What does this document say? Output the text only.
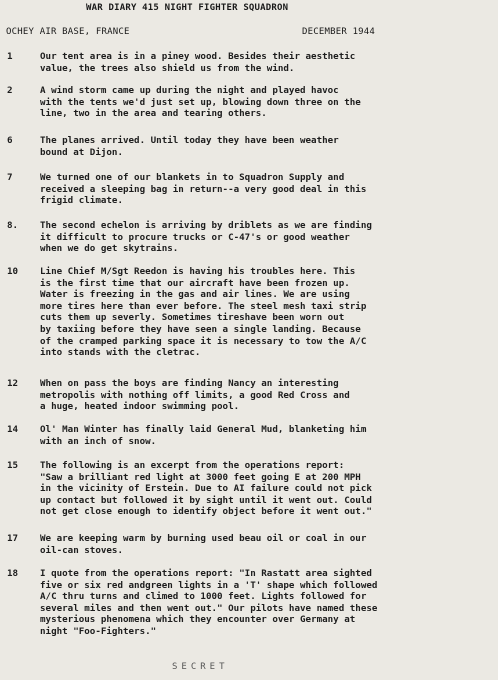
WAR DIARY 415 NIGHT FIGHTER SQUADRON
OCHEY AIR BASE, FRANCE	DECEMBER 1944
1	Our tent area is in a piney wood. Besides their aesthetic
value, the trees also shield us from the wind.
2	A wind storm came up during the night and played havoc
with the tents we'd just set up, blowing down three on the
line, two in the area and tearing others.
6	The planes arrived. Until today they have been weather
bound at Dijon.
7	We turned one of our blankets in to Squadron Supply and
received a sleeping bag in return--a very good deal in this
frigid climate.
8.	The second echelon is arriving by driblets as we are finding
it difficult to procure trucks or C-47's or good weather
when we do get skytrains.
10	Line Chief M/Sgt Reedon is having his troubles here. This
is the first time that our aircraft have been frozen up.
Water is freezing in the gas and air lines. We are using
more tires here than ever before. The steel mesh taxi strip
cuts them up severly. Sometimes tireshave been worn out
by taxiing before they have seen a single landing. Because
of the cramped parking space it is necessary to tow the A/C
into stands with the cletrac.
12	When on pass the boys are finding Nancy an interesting
metropolis with nothing off limits, a good Red Cross and
a huge, heated indoor swimming pool.
14	Ol' Man Winter has finally laid General Mud, blanketing him
with an inch of snow.
15	The following is an excerpt from the operations report:
"Saw a brilliant red light at 3000 feet going E at 200 MPH
in the vicinity of Erstein. Due to AI failure could not pick
up contact but followed it by sight until it went out. Could
not get close enough to identify object before it went out."
17	We are keeping warm by burning used beau oil or coal in our
oil-can stoves.
18	I quote from the operations report: "In Rastatt area sighted
five or six red andgreen lights in a 'T' shape which followed
A/C thru turns and climed to 1000 feet. Lights followed for
several miles and then went out." Our pilots have named these
mysterious phenomena which they encounter over Germany at
night "Foo-Fighters."
SECRET
